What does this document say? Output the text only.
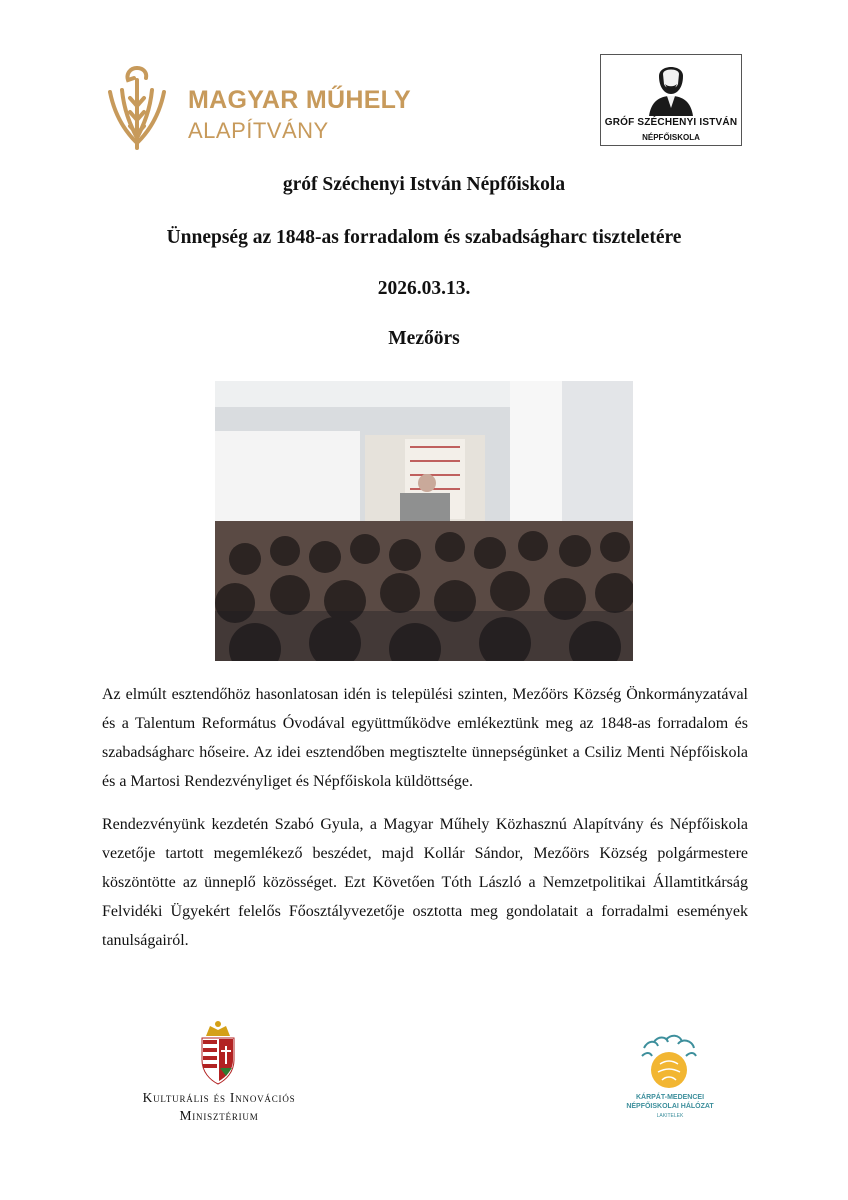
MAGYAR MŰHELY
ALAPÍTVÁNY	GRÓF SZÉCHENYI ISTVÁN
NÉPFŐISKOLA
gróf Széchenyi István Népfőiskola
Ünnepség az 1848-as forradalom és szabadságharc tiszteletére
2026.03.13.
Mezőörs
Az elmúlt esztendőhöz hasonlatosan idén is települési szinten, Mezőörs Község Önkormányzatával és a Talentum Református Óvodával együttműködve emlékeztünk meg az 1848-as forradalom és szabadságharc hőseire. Az idei esztendőben megtisztelte ünnepségünket a Csiliz Menti Népfőiskola és a Martosi Rendezvényliget és Népfőiskola küldöttsége.
Rendezvényünk kezdetén Szabó Gyula, a Magyar Műhely Közhasznú Alapítvány és Népfőiskola vezetője tartott megemlékező beszédet, majd Kollár Sándor, Mezőörs Község polgármestere köszöntötte az ünneplő közösséget. Ezt Követően Tóth László a Nemzetpolitikai Államtitkárság Felvidéki Ügyekért felelős Főosztályvezetője osztotta meg gondolatait a forradalmi események tanulságairól.
Kulturális és Innovációs
Minisztérium
KÁRPÁT-MEDENCEI
NÉPFŐISKOLAI HÁLÓZAT
LAKITELEK
